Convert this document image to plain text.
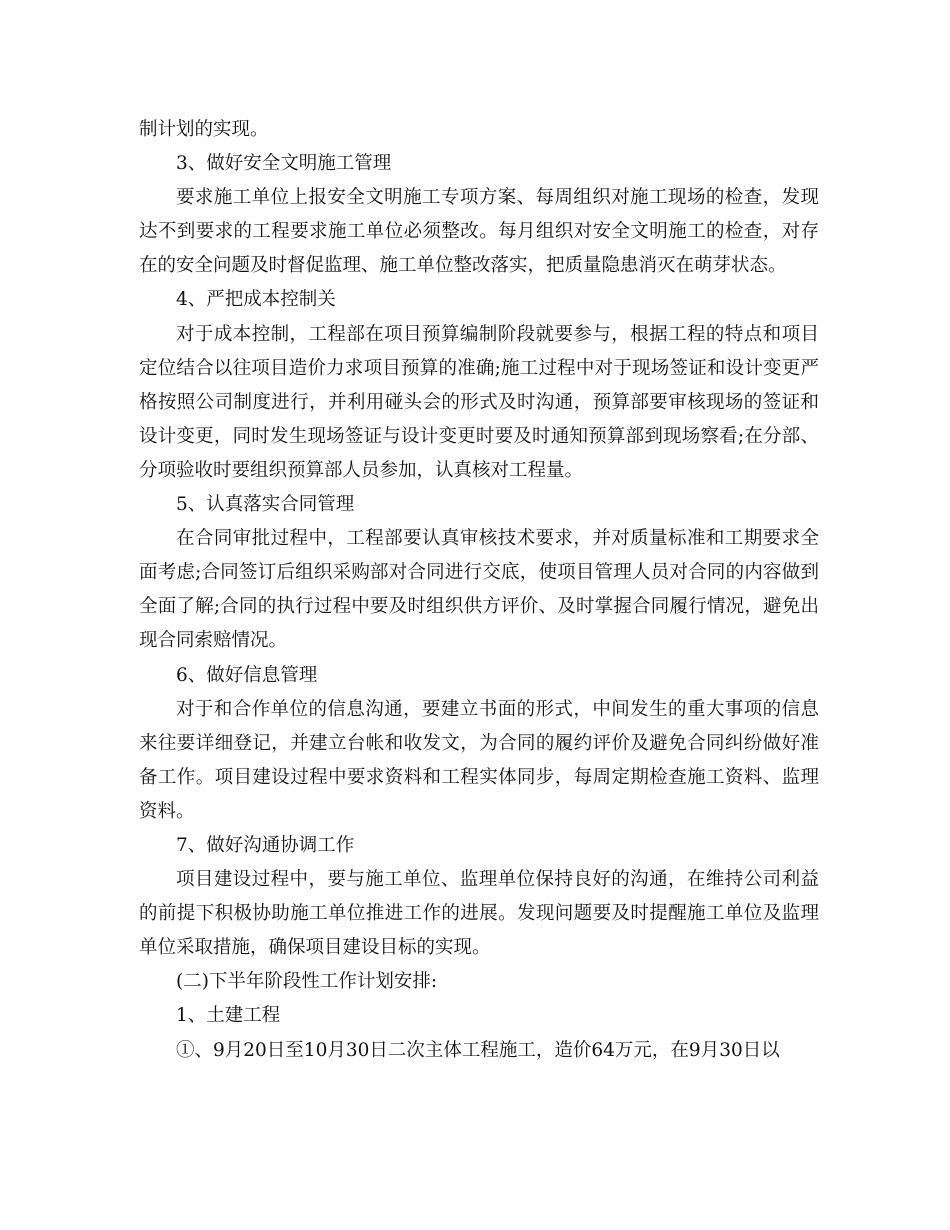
制计划的实现。

3、做好安全文明施工管理

要求施工单位上报安全文明施工专项方案、每周组织对施工现场的检查，发现达不到要求的工程要求施工单位必须整改。每月组织对安全文明施工的检查，对存在的安全问题及时督促监理、施工单位整改落实，把质量隐患消灭在萌芽状态。

4、严把成本控制关

对于成本控制，工程部在项目预算编制阶段就要参与，根据工程的特点和项目定位结合以往项目造价力求项目预算的准确;施工过程中对于现场签证和设计变更严格按照公司制度进行，并利用碰头会的形式及时沟通，预算部要审核现场的签证和设计变更，同时发生现场签证与设计变更时要及时通知预算部到现场察看;在分部、分项验收时要组织预算部人员参加，认真核对工程量。

5、认真落实合同管理

在合同审批过程中，工程部要认真审核技术要求，并对质量标准和工期要求全面考虑;合同签订后组织采购部对合同进行交底，使项目管理人员对合同的内容做到全面了解;合同的执行过程中要及时组织供方评价、及时掌握合同履行情况，避免出现合同索赔情况。

6、做好信息管理

对于和合作单位的信息沟通，要建立书面的形式，中间发生的重大事项的信息来往要详细登记，并建立台帐和收发文，为合同的履约评价及避免合同纠纷做好准备工作。项目建设过程中要求资料和工程实体同步，每周定期检查施工资料、监理资料。

7、做好沟通协调工作

项目建设过程中，要与施工单位、监理单位保持良好的沟通，在维持公司利益的前提下积极协助施工单位推进工作的进展。发现问题要及时提醒施工单位及监理单位采取措施，确保项目建设目标的实现。

(二)下半年阶段性工作计划安排:

1、土建工程

①、9月20日至10月30日二次主体工程施工，造价64万元，在9月30日以
